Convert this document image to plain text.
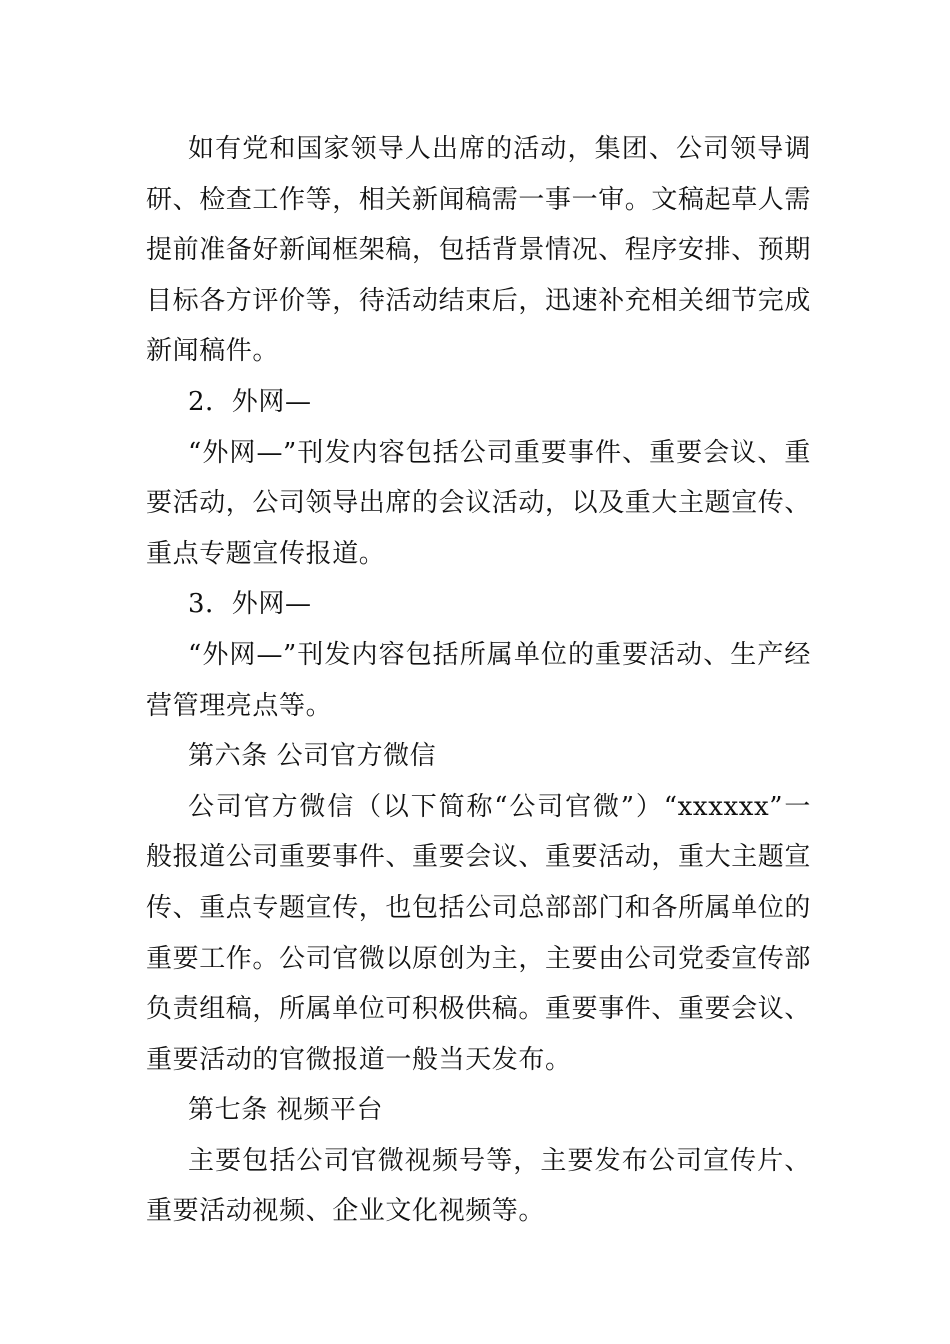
如有党和国家领导人出席的活动，集团、公司领导调研、检查工作等，相关新闻稿需一事一审。文稿起草人需提前准备好新闻框架稿，包括背景情况、程序安排、预期目标各方评价等，待活动结束后，迅速补充相关细节完成新闻稿件。

2．外网—

“外网—”刊发内容包括公司重要事件、重要会议、重要活动，公司领导出席的会议活动，以及重大主题宣传、重点专题宣传报道。

3．外网—

“外网—”刊发内容包括所属单位的重要活动、生产经营管理亮点等。

第六条 公司官方微信

公司官方微信（以下简称“公司官微”）“xxxxxx”一般报道公司重要事件、重要会议、重要活动，重大主题宣传、重点专题宣传，也包括公司总部部门和各所属单位的重要工作。公司官微以原创为主，主要由公司党委宣传部负责组稿，所属单位可积极供稿。重要事件、重要会议、重要活动的官微报道一般当天发布。

第七条 视频平台

主要包括公司官微视频号等，主要发布公司宣传片、重要活动视频、企业文化视频等。
